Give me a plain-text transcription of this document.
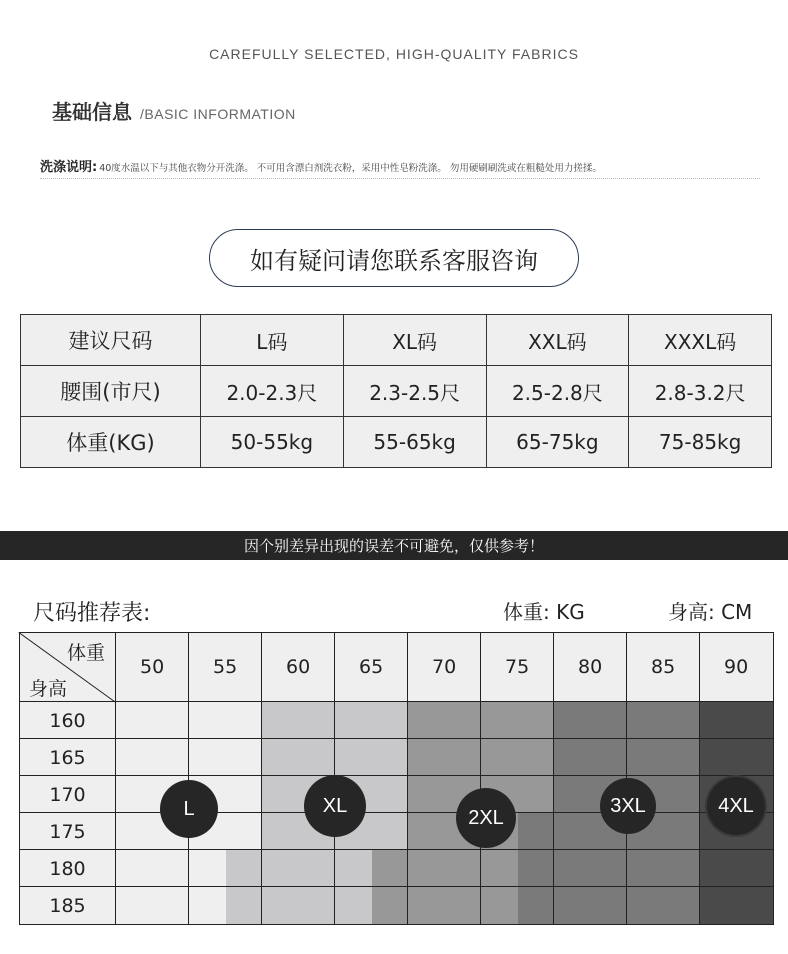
CAREFULLY SELECTED, HIGH-QUALITY FABRICS
基础信息 /BASIC INFORMATION
洗涤说明: 40度水温以下与其他衣物分开洗涤。 不可用含漂白剂洗衣粉，采用中性皂粉洗涤。 勿用硬刷刷洗或在粗糙处用力搓揉。
如有疑问请您联系客服咨询
建议尺码	L码	XL码	XXL码	XXXL码
腰围(市尺)	2.0-2.3尺	2.3-2.5尺	2.5-2.8尺	2.8-3.2尺
体重(KG)	50-55kg	55-65kg	65-75kg	75-85kg
因个别差异出现的误差不可避免，仅供参考！
尺码推荐表:	体重: KG	身高: CM
体重
身高
50	55	60	65	70	75	80	85	90
160
165
170
175
180
185
L	XL
2XL
3XL	4XL
